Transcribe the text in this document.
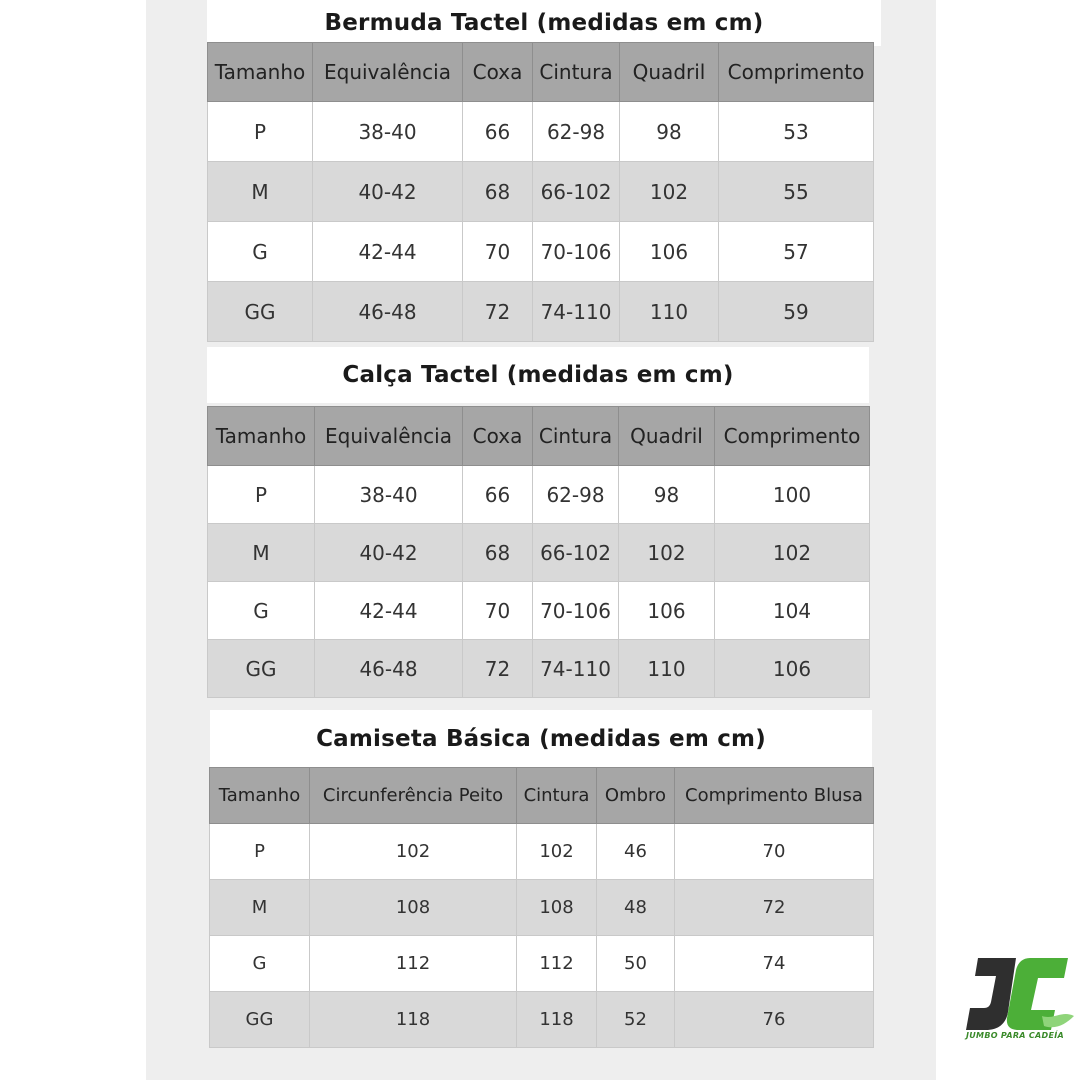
Bermuda Tactel (medidas em cm)
Tamanho	Equivalência	Coxa	Cintura	Quadril	Comprimento
P	38-40	66	62-98	98	53
M	40-42	68	66-102	102	55
G	42-44	70	70-106	106	57
GG	46-48	72	74-110	110	59
Calça Tactel (medidas em cm)
Tamanho	Equivalência	Coxa	Cintura	Quadril	Comprimento
P	38-40	66	62-98	98	100
M	40-42	68	66-102	102	102
G	42-44	70	70-106	106	104
GG	46-48	72	74-110	110	106
Camiseta Básica (medidas em cm)
Tamanho	Circunferência Peito	Cintura	Ombro	Comprimento Blusa
P	102	102	46	70
M	108	108	48	72
G	112	112	50	74
GG	118	118	52	76
JUMBO PARA CADEÍA
